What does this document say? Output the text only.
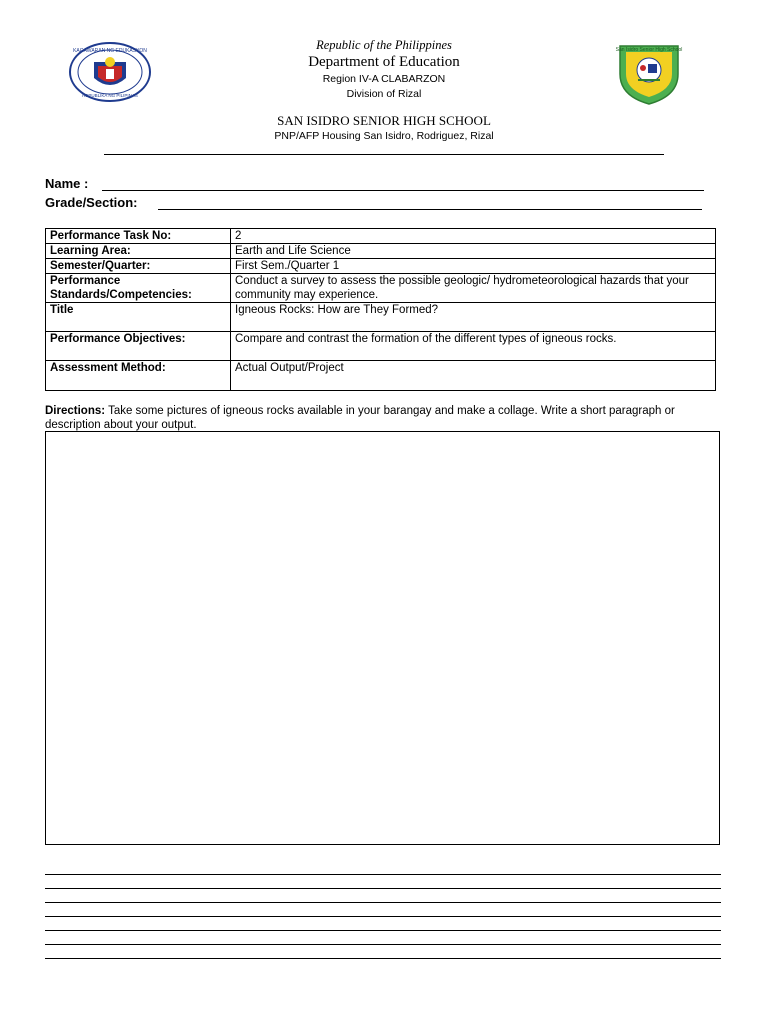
KAGAWARAN NG EDUKASYON
REPUBLIKA NG PILIPINAS
San Isidro Senior High School
Republic of the Philippines
Department of Education
Region IV-A CLABARZON
Division of Rizal
SAN ISIDRO SENIOR HIGH SCHOOL
PNP/AFP Housing San Isidro, Rodriguez, Rizal
Name :
Grade/Section:
Performance Task No:	2
Learning Area:	Earth and Life Science
Semester/Quarter:	First Sem./Quarter 1
Performance Standards/Competencies:	Conduct a survey to assess the possible geologic/ hydrometeorological hazards that your community may experience.
Title	Igneous Rocks: How are They Formed?
Performance Objectives:	Compare and contrast the formation of the different types of igneous rocks.
Assessment Method:	Actual Output/Project
Directions: Take some pictures of igneous rocks available in your barangay and make a collage. Write a short paragraph or description about your output.
